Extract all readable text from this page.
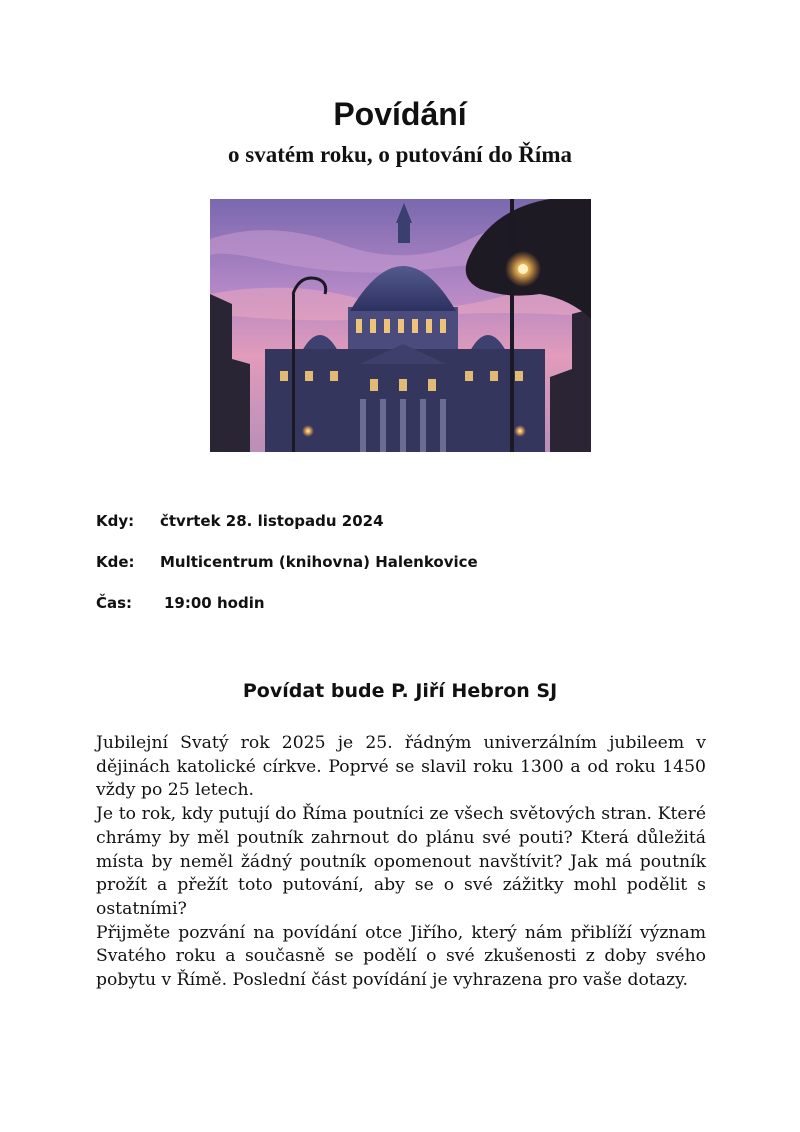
Povídání
o svatém roku, o putování do Říma
Kdy: čtvrtek 28. listopadu 2024
Kde: Multicentrum (knihovna) Halenkovice
Čas: 19:00 hodin
Povídat bude P. Jiří Hebron SJ

Jubilejní Svatý rok 2025 je 25. řádným univerzálním jubileem v dějinách katolické církve. Poprvé se slavil roku 1300 a od roku 1450 vždy po 25 letech.

Je to rok, kdy putují do Říma poutníci ze všech světových stran. Které chrámy by měl poutník zahrnout do plánu své pouti? Která důležitá místa by neměl žádný poutník opomenout navštívit? Jak má poutník prožít a přežít toto putování, aby se o své zážitky mohl podělit s ostatními?

Přijměte pozvání na povídání otce Jiřího, který nám přiblíží význam Svatého roku a současně se podělí o své zkušenosti z doby svého pobytu v Římě. Poslední část povídání je vyhrazena pro vaše dotazy.
